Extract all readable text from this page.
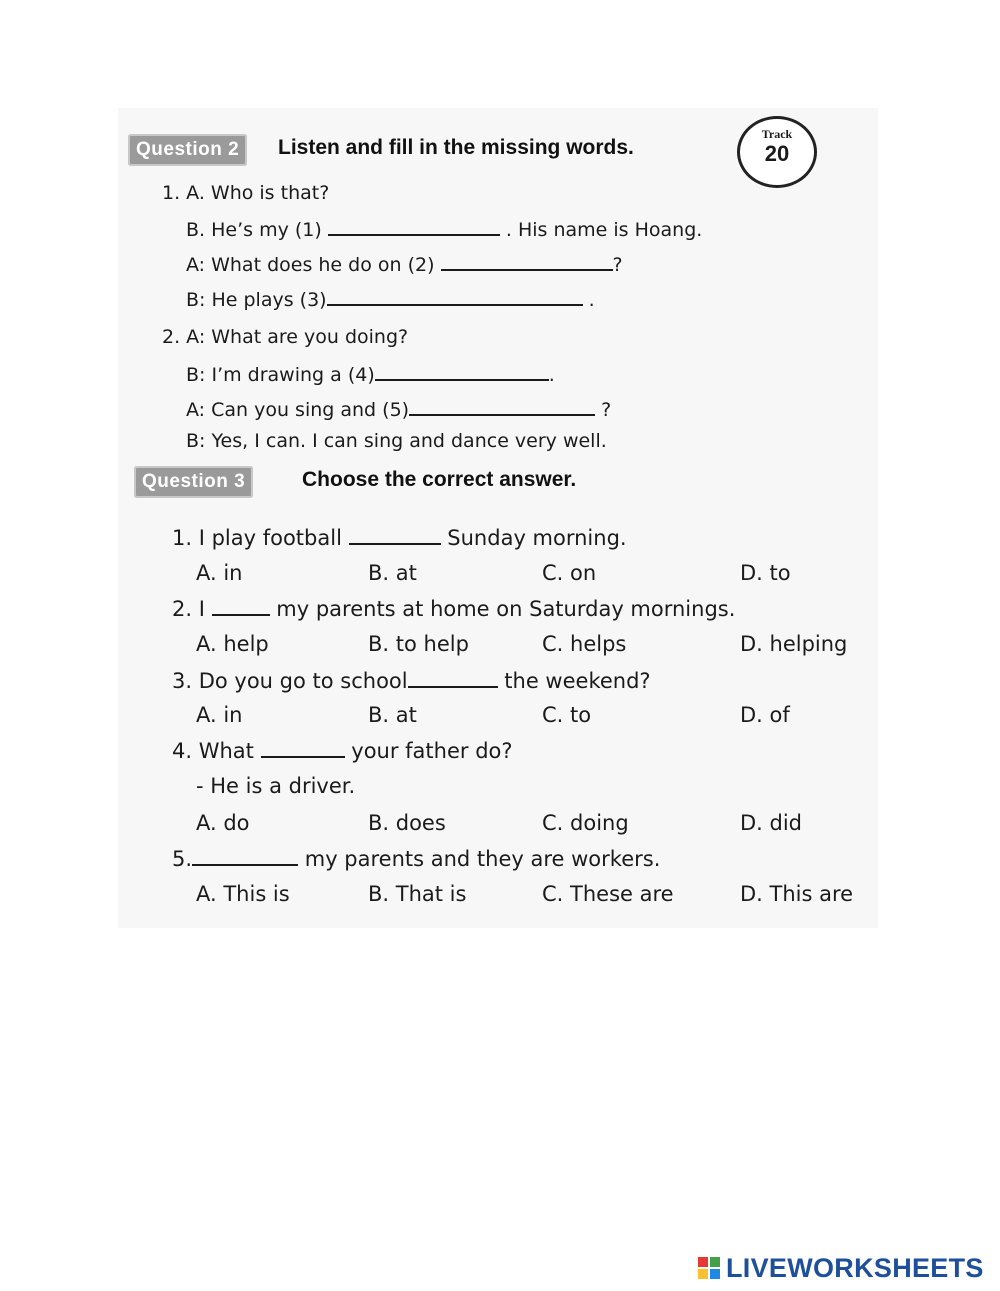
Question 2	Listen and fill in the missing words.
Track
20
1. A. Who is that?
B. He’s my (1)	. His name is Hoang.
A: What does he do on (2)	?
B: He plays (3)	.
2. A: What are you doing?
B: I’m drawing a (4)	.
A: Can you sing and (5)	?
B: Yes, I can. I can sing and dance very well.
Question 3	Choose the correct answer.
1. I play football	Sunday morning.
A. in	B. at	C. on	D. to
2. I	my parents at home on Saturday mornings.
A. help	B. to help	C. helps	D. helping
3. Do you go to school	the weekend?
A. in	B. at	C. to	D. of
4. What	your father do?
- He is a driver.
A. do	B. does	C. doing	D. did
5.	my parents and they are workers.
A. This is	B. That is	C. These are	D. This are
LIVEWORKSHEETS
